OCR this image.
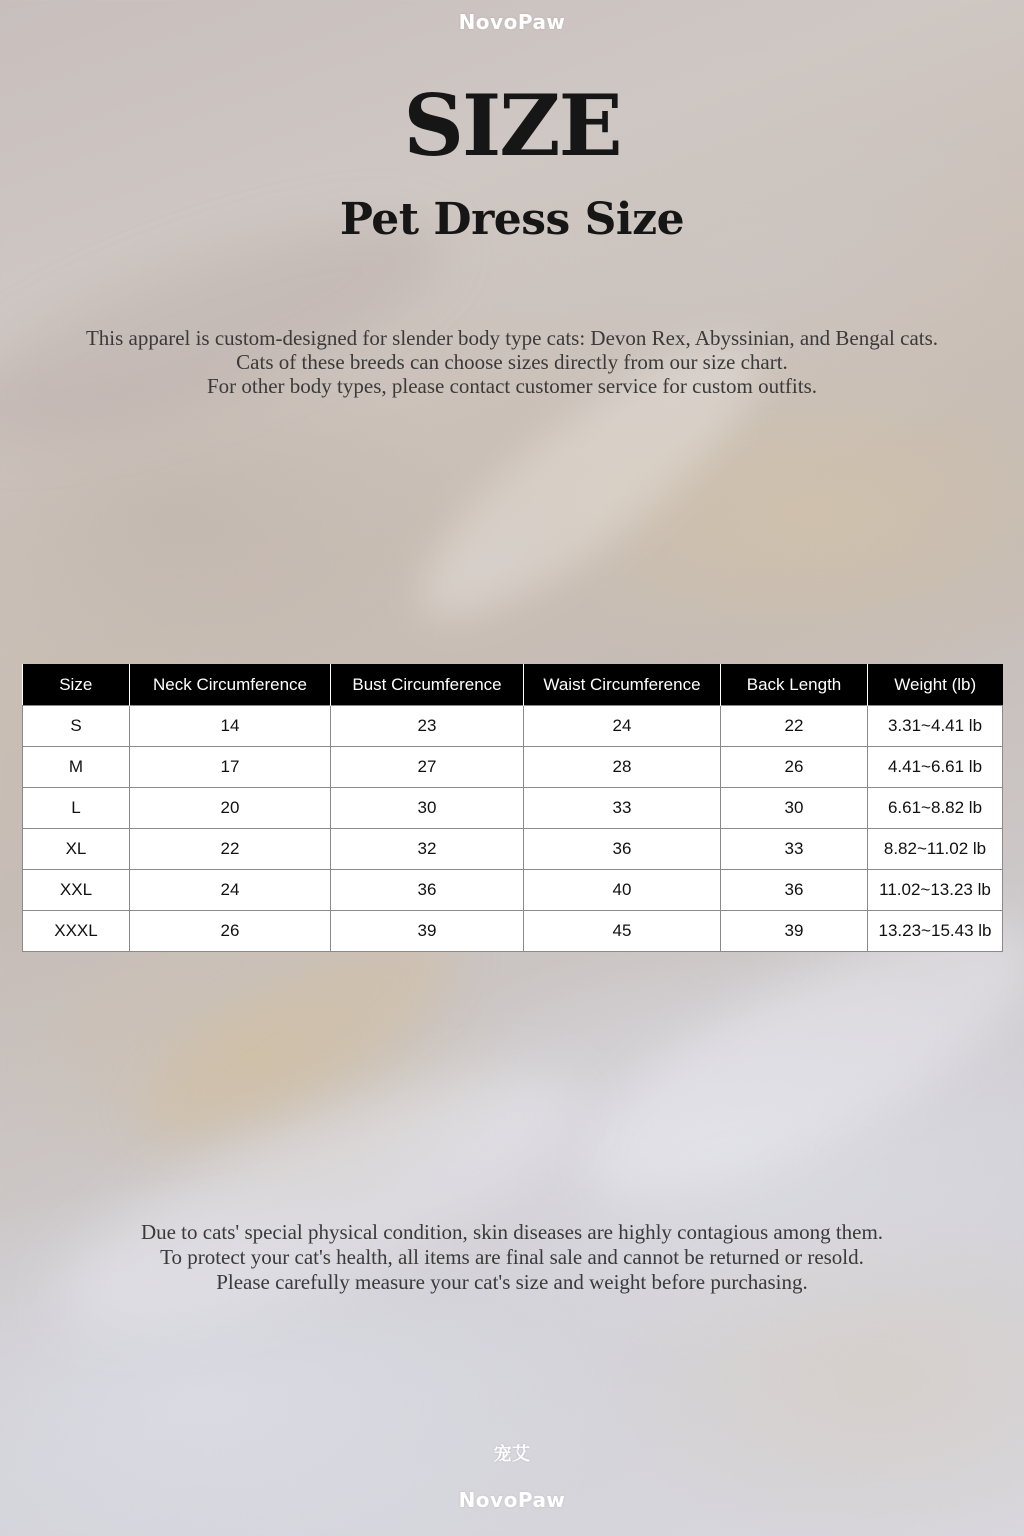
NovoPaw
SIZE
Pet Dress Size
This apparel is custom-designed for slender body type cats: Devon Rex, Abyssinian, and Bengal cats.
Cats of these breeds can choose sizes directly from our size chart.
For other body types, please contact customer service for custom outfits.
Size	Neck Circumference	Bust Circumference	Waist Circumference	Back Length	Weight (lb)
S	14	23	24	22	3.31~4.41 lb
M	17	27	28	26	4.41~6.61 lb
L	20	30	33	30	6.61~8.82 lb
XL	22	32	36	33	8.82~11.02 lb
XXL	24	36	40	36	11.02~13.23 lb
XXXL	26	39	45	39	13.23~15.43 lb
Due to cats' special physical condition, skin diseases are highly contagious among them.
To protect your cat's health, all items are final sale and cannot be returned or resold.
Please carefully measure your cat's size and weight before purchasing.
宠艾
NovoPaw
